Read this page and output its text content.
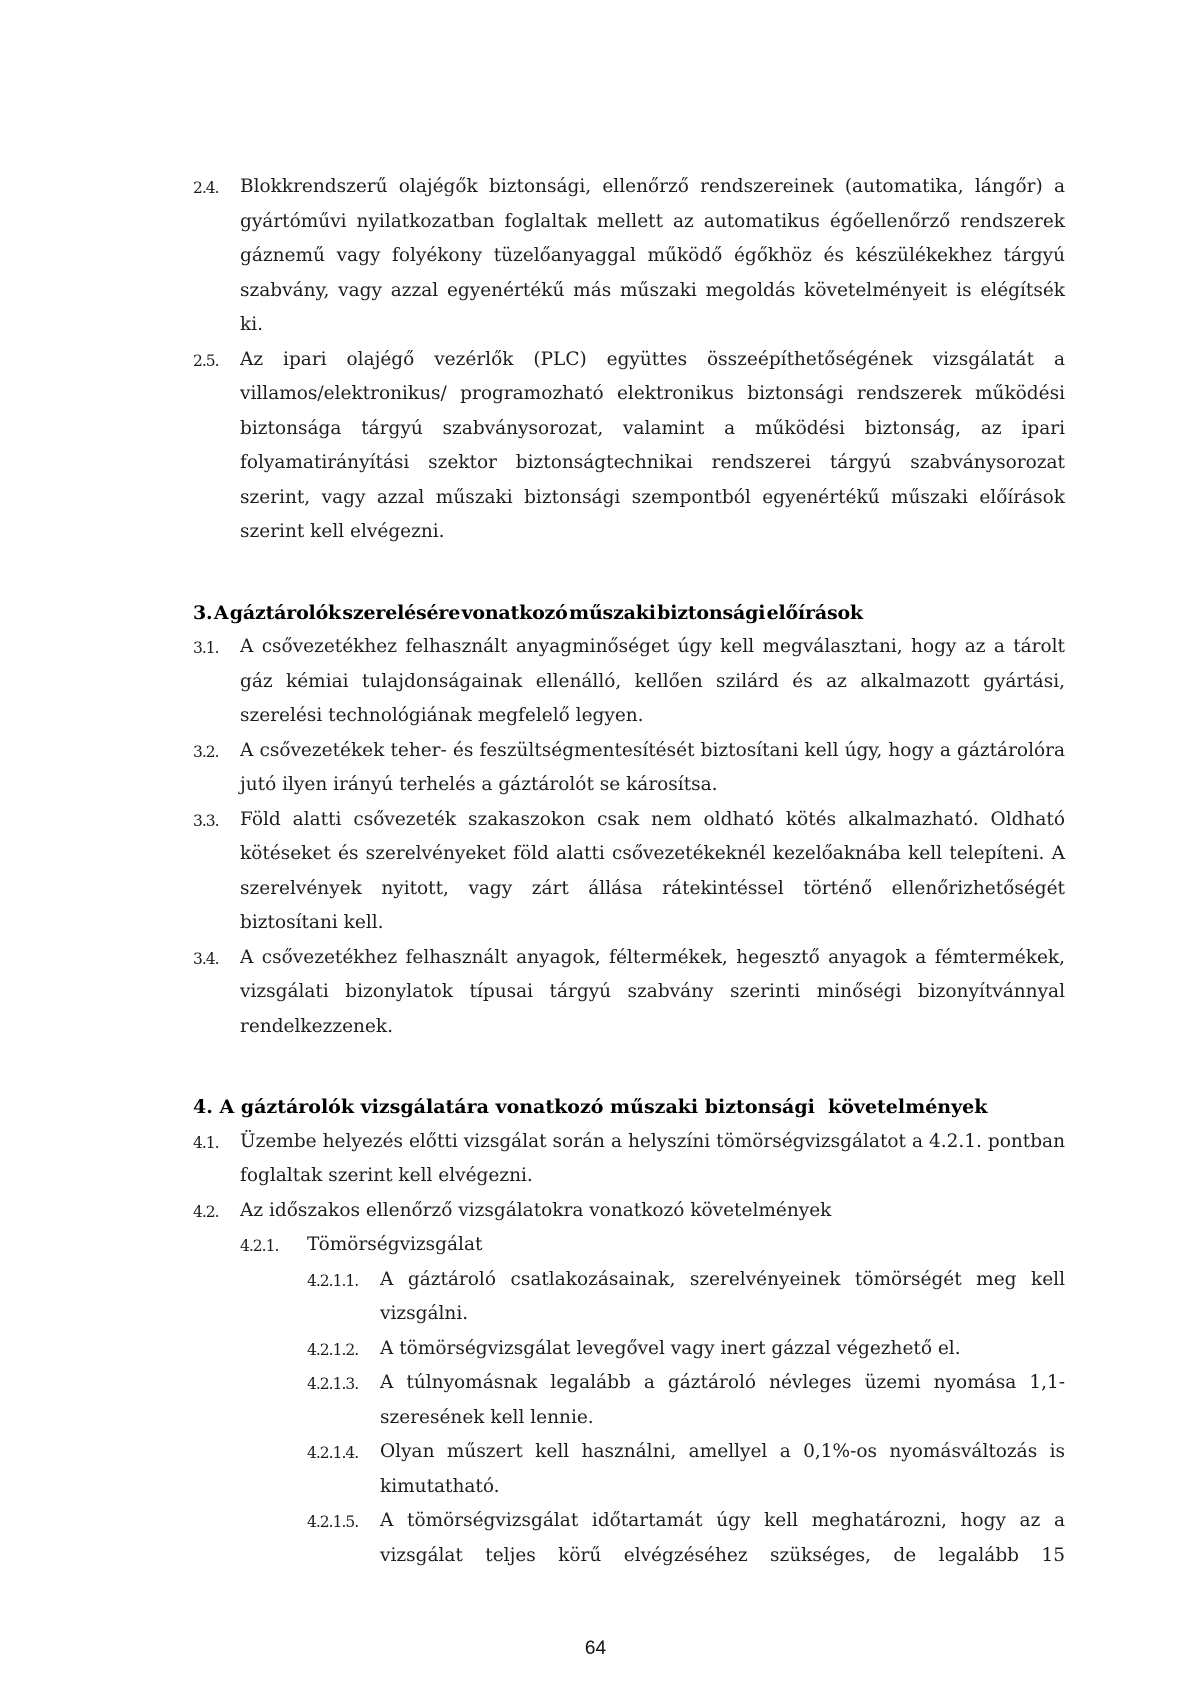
2.4. Blokkrendszerű olajégők biztonsági, ellenőrző rendszereinek (automatika, lángőr) a gyártóművi nyilatkozatban foglaltak mellett az automatikus égőellenőrző rendszerek gáznemű vagy folyékony tüzelőanyaggal működő égőkhöz és készülékekhez tárgyú szabvány, vagy azzal egyenértékű más műszaki megoldás követelményeit is elégítsék ki.
2.5. Az ipari olajégő vezérlők (PLC) együttes összeépíthetőségének vizsgálatát a villamos/elektronikus/ programozható elektronikus biztonsági rendszerek működési biztonsága tárgyú szabványsorozat, valamint a működési biztonság, az ipari folyamatirányítási szektor biztonságtechnikai rendszerei tárgyú szabványsorozat szerint, vagy azzal műszaki biztonsági szempontból egyenértékű műszaki előírások szerint kell elvégezni.
3. A gáztárolók szerelésére vonatkozó műszaki biztonsági előírások
3.1. A csővezetékhez felhasznált anyagminőséget úgy kell megválasztani, hogy az a tárolt gáz kémiai tulajdonságainak ellenálló, kellően szilárd és az alkalmazott gyártási, szerelési technológiának megfelelő legyen.
3.2. A csővezetékek teher- és feszültségmentesítését biztosítani kell úgy, hogy a gáztárolóra jutó ilyen irányú terhelés a gáztárolót se károsítsa.
3.3. Föld alatti csővezeték szakaszokon csak nem oldható kötés alkalmazható. Oldható kötéseket és szerelvényeket föld alatti csővezetékeknél kezelőaknába kell telepíteni. A szerelvények nyitott, vagy zárt állása rátekintéssel történő ellenőrizhetőségét biztosítani kell.
3.4. A csővezetékhez felhasznált anyagok, féltermékek, hegesztő anyagok a fémtermékek, vizsgálati bizonylatok típusai tárgyú szabvány szerinti minőségi bizonyítvánnyal rendelkezzenek.
4. A gáztárolók vizsgálatára vonatkozó műszaki biztonsági  követelmények
4.1. Üzembe helyezés előtti vizsgálat során a helyszíni tömörségvizsgálatot a 4.2.1. pontban foglaltak szerint kell elvégezni.
4.2. Az időszakos ellenőrző vizsgálatokra vonatkozó követelmények
4.2.1. Tömörségvizsgálat
4.2.1.1. A gáztároló csatlakozásainak, szerelvényeinek tömörségét meg kell vizsgálni.
4.2.1.2. A tömörségvizsgálat levegővel vagy inert gázzal végezhető el.
4.2.1.3. A túlnyomásnak legalább a gáztároló névleges üzemi nyomása 1,1-szeresének kell lennie.
4.2.1.4. Olyan műszert kell használni, amellyel a 0,1%-os nyomásváltozás is kimutatható.
4.2.1.5. A tömörségvizsgálat időtartamát úgy kell meghatározni, hogy az a vizsgálat teljes körű elvégzéséhez szükséges, de legalább 15
64
